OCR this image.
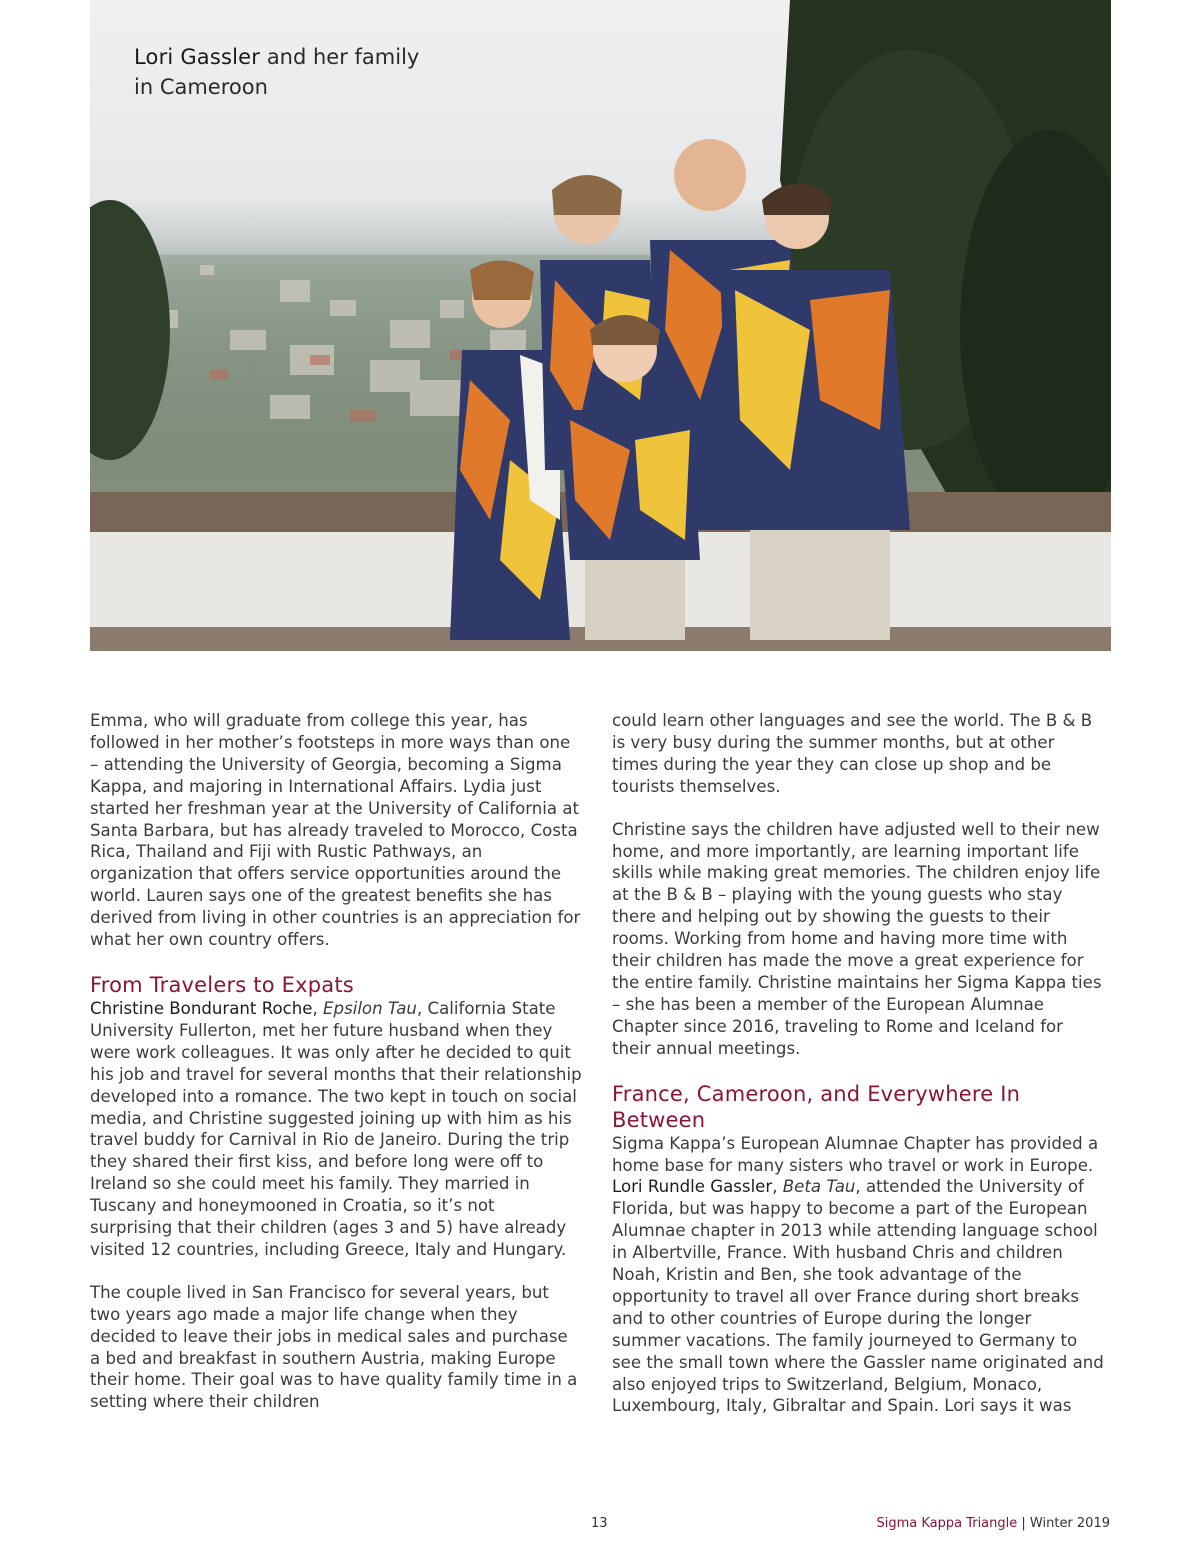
Lori Gassler and her family
in Cameroon

Emma, who will graduate from college this year, has followed in her mother’s footsteps in more ways than one – attending the University of Georgia, becoming a Sigma Kappa, and majoring in International Affairs. Lydia just started her freshman year at the University of California at Santa Barbara, but has already traveled to Morocco, Costa Rica, Thailand and Fiji with Rustic Pathways, an organization that offers service opportunities around the world. Lauren says one of the greatest benefits she has derived from living in other countries is an appreciation for what her own country offers.

From Travelers to Expats

Christine Bondurant Roche, Epsilon Tau, California State University Fullerton, met her future husband when they were work colleagues. It was only after he decided to quit his job and travel for several months that their relationship developed into a romance. The two kept in touch on social media, and Christine suggested joining up with him as his travel buddy for Carnival in Rio de Janeiro. During the trip they shared their first kiss, and before long were off to Ireland so she could meet his family. They married in Tuscany and honeymooned in Croatia, so it’s not surprising that their children (ages 3 and 5) have already visited 12 countries, including Greece, Italy and Hungary.

The couple lived in San Francisco for several years, but two years ago made a major life change when they decided to leave their jobs in medical sales and purchase a bed and breakfast in southern Austria, making Europe their home. Their goal was to have quality family time in a setting where their children

could learn other languages and see the world. The B & B is very busy during the summer months, but at other times during the year they can close up shop and be tourists themselves.

Christine says the children have adjusted well to their new home, and more importantly, are learning important life skills while making great memories. The children enjoy life at the B & B – playing with the young guests who stay there and helping out by showing the guests to their rooms. Working from home and having more time with their children has made the move a great experience for the entire family. Christine maintains her Sigma Kappa ties – she has been a member of the European Alumnae Chapter since 2016, traveling to Rome and Iceland for their annual meetings.

France, Cameroon, and Everywhere In Between

Sigma Kappa’s European Alumnae Chapter has provided a home base for many sisters who travel or work in Europe. Lori Rundle Gassler, Beta Tau, attended the University of Florida, but was happy to become a part of the European Alumnae chapter in 2013 while attending language school in Albertville, France. With husband Chris and children Noah, Kristin and Ben, she took advantage of the opportunity to travel all over France during short breaks and to other countries of Europe during the longer summer vacations. The family journeyed to Germany to see the small town where the Gassler name originated and also enjoyed trips to Switzerland, Belgium, Monaco, Luxembourg, Italy, Gibraltar and Spain. Lori says it was

13	Sigma Kappa Triangle | Winter 2019
